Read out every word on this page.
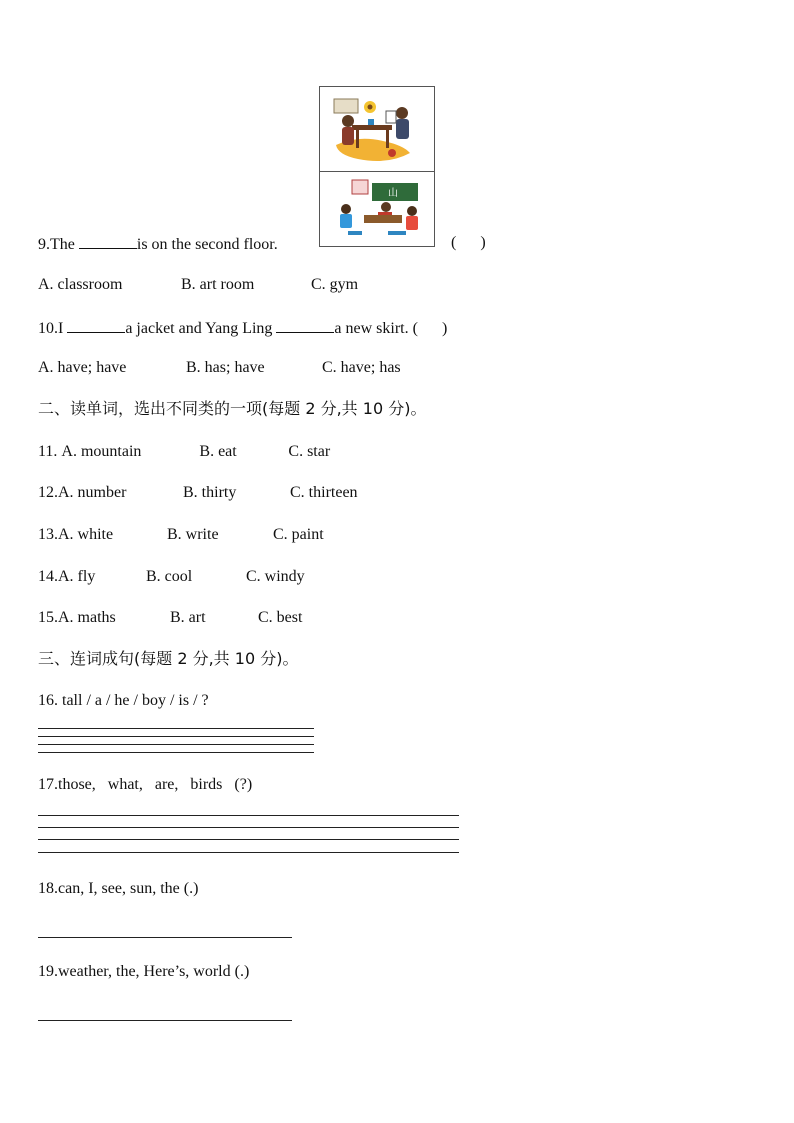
山
9.The	is on the second floor.	(      )
A. classroom	B. art room	C. gym
10.I	a jacket and Yang Ling	a new skirt. (      )
A. have; have	B. has; have	C. have; has
二、读单词，选出不同类的一项(每题 2 分,共 10 分)。
11. A. mountain	B. eat	C. star
12.A. number	B. thirty	C. thirteen
13.A. white	B. write	C. paint
14.A. fly	B. cool	C. windy
15.A. maths	B. art	C. best
三、连词成句(每题 2 分,共 10 分)。
16. tall / a / he / boy / is / ?
17.those,   what,   are,   birds   (?)
18.can, I, see, sun, the (.)
19.weather, the, Here’s, world (.)
